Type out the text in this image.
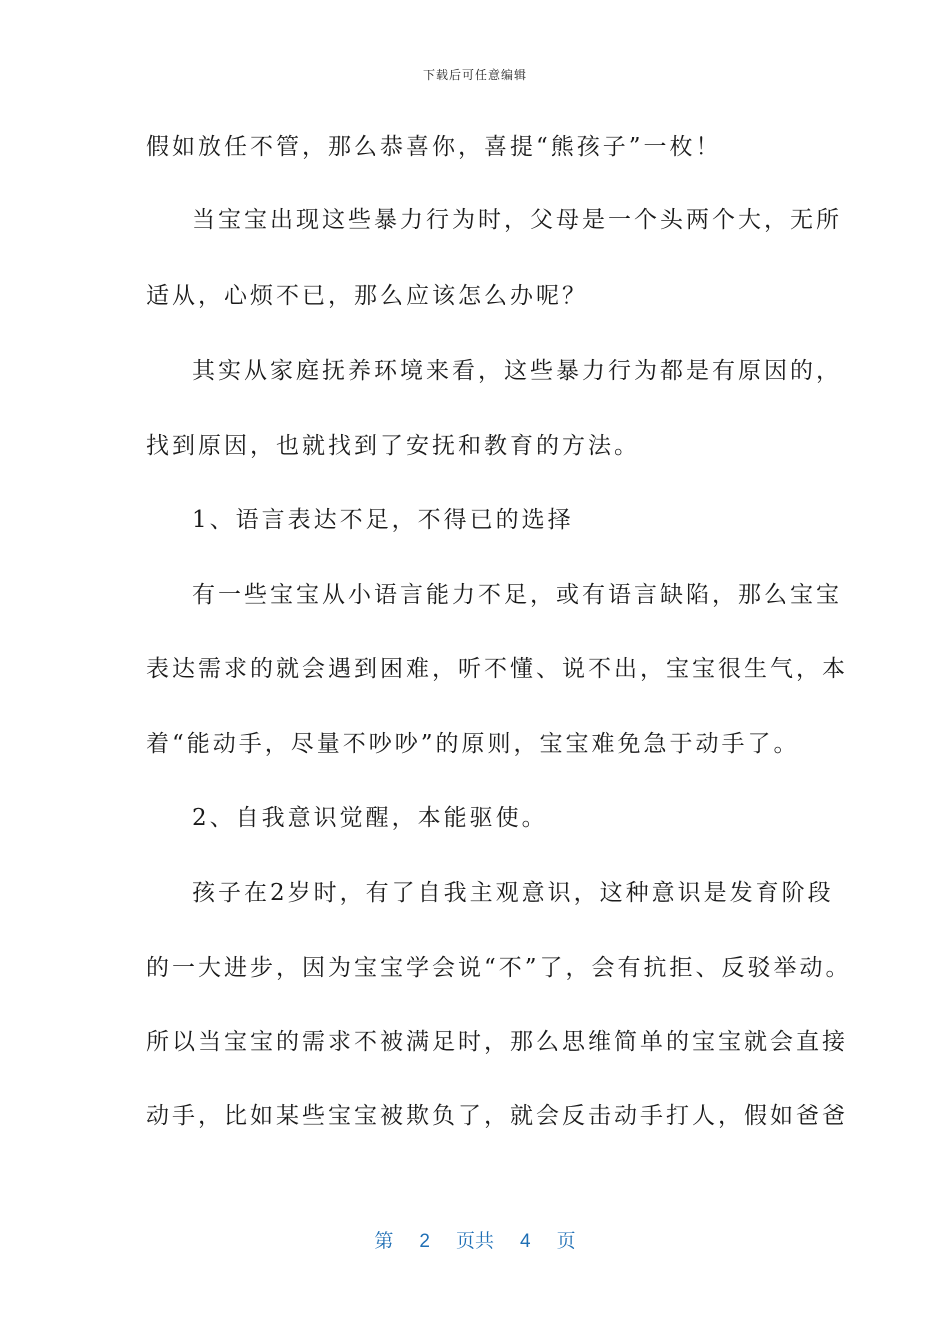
下载后可任意编辑
假如放任不管，那么恭喜你，喜提“熊孩子”一枚！
当宝宝出现这些暴力行为时，父母是一个头两个大，无所
适从，心烦不已，那么应该怎么办呢？
其实从家庭抚养环境来看，这些暴力行为都是有原因的，
找到原因，也就找到了安抚和教育的方法。
1、语言表达不足，不得已的选择
有一些宝宝从小语言能力不足，或有语言缺陷，那么宝宝
表达需求的就会遇到困难，听不懂、说不出，宝宝很生气，本
着“能动手，尽量不吵吵”的原则，宝宝难免急于动手了。
2、自我意识觉醒，本能驱使。
孩子在2岁时，有了自我主观意识，这种意识是发育阶段
的一大进步，因为宝宝学会说“不”了，会有抗拒、反驳举动。
所以当宝宝的需求不被满足时，那么思维简单的宝宝就会直接
动手，比如某些宝宝被欺负了，就会反击动手打人，假如爸爸
第 2 页共 4 页
